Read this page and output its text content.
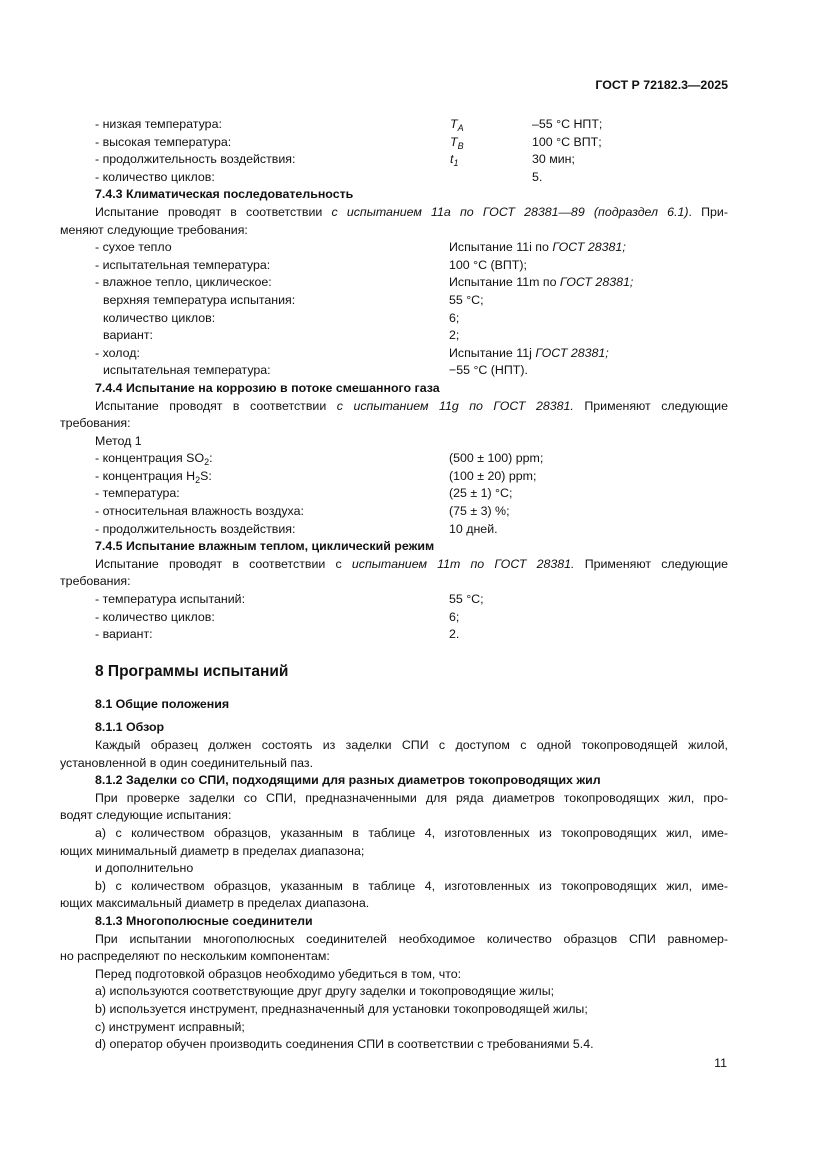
ГОСТ Р 72182.3—2025
- низкая температура:	$T_A$	–55 °C НПТ;
- высокая температура:	$T_B$	100 °C ВПТ;
- продолжительность воздействия:	$t_1$	30 мин;
- количество циклов:	5.
7.4.3 Климатическая последовательность
Испытание проводят в соответствии с испытанием 11а по ГОСТ 28381—89 (подраздел 6.1). При-
меняют следующие требования:
- сухое тепло	Испытание 11i по ГОСТ 28381;
- испытательная температура:	100 °С (ВПТ);
- влажное тепло, циклическое:	Испытание 11m по ГОСТ 28381;
верхняя температура испытания:	55 °С;
количество циклов:	6;
вариант:	2;
- холод:	Испытание 11j ГОСТ 28381;
испытательная температура:	−55 °С (НПТ).
7.4.4 Испытание на коррозию в потоке смешанного газа
Испытание проводят в соответствии с испытанием 11g по ГОСТ 28381. Применяют следующие
требования:
Метод 1
- концентрация $SO_2$:	(500 ± 100) ppm;
- концентрация $H_2S$:	(100 ± 20) ppm;
- температура:	(25 ± 1) °С;
- относительная влажность воздуха:	(75 ± 3) %;
- продолжительность воздействия:	10 дней.
7.4.5 Испытание влажным теплом, циклический режим
Испытание проводят в соответствии с испытанием 11m по ГОСТ 28381. Применяют следующие
требования:
- температура испытаний:	55 °С;
- количество циклов:	6;
- вариант:	2.
8 Программы испытаний
8.1 Общие положения
8.1.1 Обзор
Каждый образец должен состоять из заделки СПИ с доступом с одной токопроводящей жилой,
установленной в один соединительный паз.
8.1.2 Заделки со СПИ, подходящими для разных диаметров токопроводящих жил
При проверке заделки со СПИ, предназначенными для ряда диаметров токопроводящих жил, про-
водят следующие испытания:
а) с количеством образцов, указанным в таблице 4, изготовленных из токопроводящих жил, име-
ющих минимальный диаметр в пределах диапазона;
и дополнительно
b) с количеством образцов, указанным в таблице 4, изготовленных из токопроводящих жил, име-
ющих максимальный диаметр в пределах диапазона.
8.1.3 Многополюсные соединители
При испытании многополюсных соединителей необходимое количество образцов СПИ равномер-
но распределяют по нескольким компонентам:
Перед подготовкой образцов необходимо убедиться в том, что:
а) используются соответствующие друг другу заделки и токопроводящие жилы;
b) используется инструмент, предназначенный для установки токопроводящей жилы;
c) инструмент исправный;
d) оператор обучен производить соединения СПИ в соответствии с требованиями 5.4.
11
